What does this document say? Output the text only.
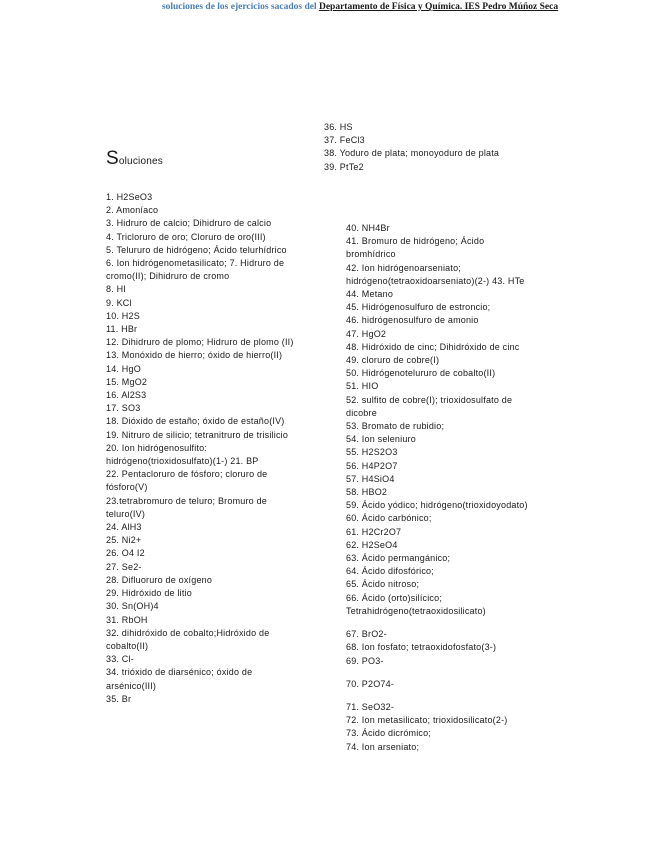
soluciones de los ejercicios sacados del Departamento de Física y Química. IES Pedro Múñoz Seca
Soluciones
36. HS
37. FeCl3
38. Yoduro de plata; monoyoduro de plata 39. PtTe2
1. H2SeO3
2. Amoníaco
3. Hidruro de calcio; Dihidruro de calcio
4. Tricloruro de oro; Cloruro de oro(III)
5. Telururo de hidrógeno; Ácido telurhídrico
6. Ion hidrógenometasilicato; 7. Hidruro de cromo(II); Dihidruro de cromo
8. HI
9. KCl
10. H2S
11. HBr
12. Dihidruro de plomo; Hidruro de plomo (II)
13. Monóxido de hierro; óxido de hierro(II)
14. HgO
15. MgO2
16. Al2S3
17. SO3
18. Dióxido de estaño; óxido de estaño(IV)
19. Nitruro de silicio; tetranitruro de trisilicio
20. Ion hidrógenosulfito: hidrógeno(trioxidosulfato)(1-) 21. BP
22. Pentacloruro de fósforo; cloruro de fósforo(V)
23.tetrabromuro de teluro; Bromuro de teluro(IV)
24. AlH3
25. Ni2+
26. O4 I2
27. Se2-
28. Difluoruro de oxígeno
29. Hidróxido de litio
30. Sn(OH)4
31. RbOH
32. dihidróxido de cobalto;Hidróxido de cobalto(II)
33. Cl-
34. trióxido de diarsénico; óxido de arsénico(III)
35. Br
40. NH4Br
41. Bromuro de hidrógeno; Ácido bromhídrico
42. Ion hidrógenoarseniato; hidrógeno(tetraoxidoarseniato)(2-) 43. HTe
44. Metano
45. Hidrógenosulfuro de estroncio;
46. hidrógenosulfuro de amonio
47. HgO2
48. Hidróxido de cinc; Dihidróxido de cinc
49. cloruro de cobre(I)
50. Hidrógenotelururo de cobalto(II)
51. HIO
52. sulfito de cobre(I); trioxidosulfato de dicobre
53. Bromato de rubidio;
54. Ion seleniuro
55. H2S2O3
56. H4P2O7
57. H4SiO4
58. HBO2
59. Ácido yódico; hidrógeno(trioxidoyodato)
60. Ácido carbónico;
61. H2Cr2O7
62. H2SeO4
63. Ácido permangánico;
64. Ácido difosfórico;
65. Ácido nitroso;
66. Ácido (orto)silícico; Tetrahidrógeno(tetraoxidosilicato)
67. BrO2-
68. Ion fosfato; tetraoxidofosfato(3-)
69. PO3-
70. P2O74-
71. SeO32-
72. Ion metasilicato; trioxidosilicato(2-)
73. Ácido dicrómico;
74. Ion arseniato;
